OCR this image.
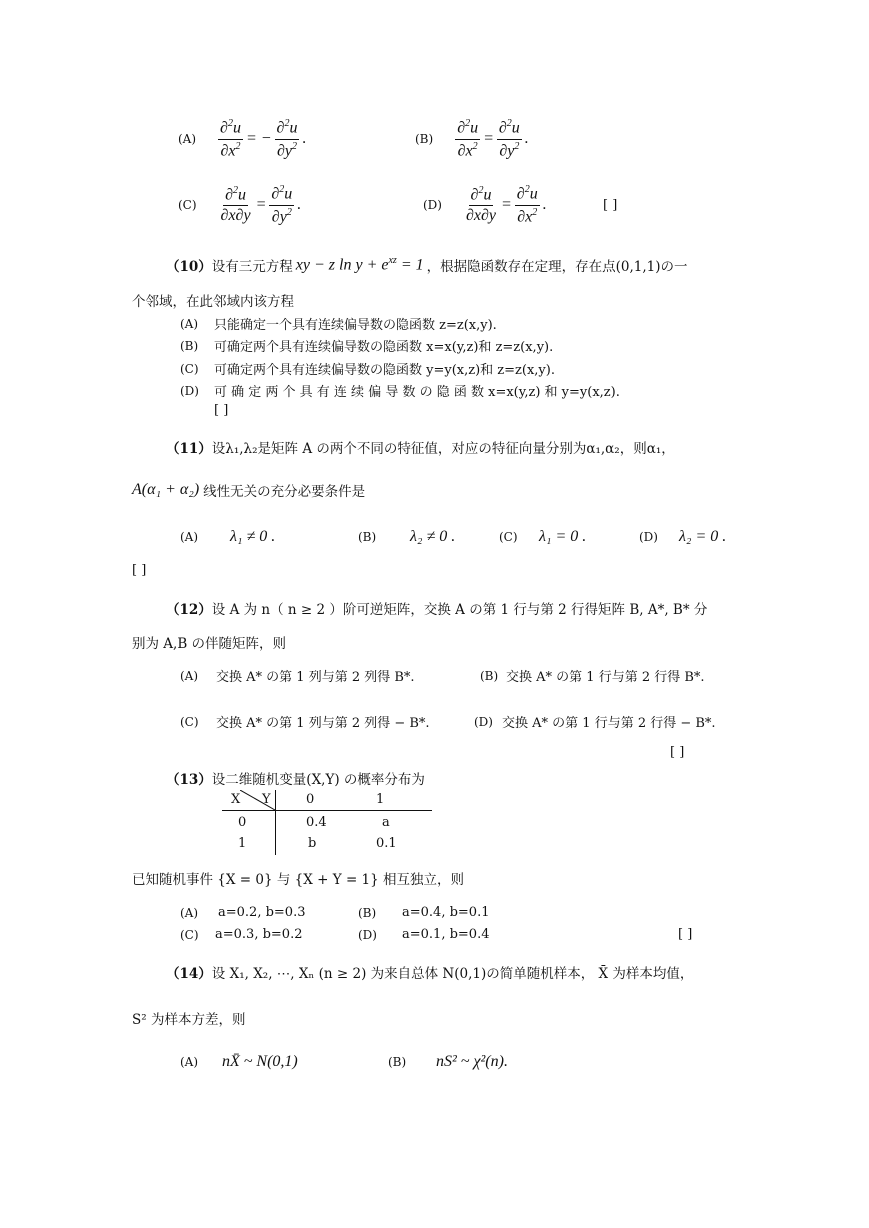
$(A) \frac{\partial^2u}{\partial x^2}$ = − $\frac{\partial^2u}{\partial y^2}$ .	$(B) \frac{\partial^2u}{\partial x^2} = \frac{\partial^2u}{\partial y^2}$ .
$(C) \frac{\partial^2u}{\partial x\partial y} = \frac{\partial^2u}{\partial y^2}$ .	$(D) \frac{\partial^2u}{\partial x\partial y} = \frac{\partial^2u}{\partial x^2}$ .	[ ]
（10） 设有三元方程 xy − z $\ln y + e^{xz} = 1$ ，根据隐函数存在定理，存在点(0,1,1)の一
个邻域，在此邻域内该方程
(A)	只能确定一个具有连续偏导数の隐函数 z=z(x,y).
(B)	可确定两个具有连续偏导数の隐函数 x=x(y,z)和 z=z(x,y).
(C)	可确定两个具有连续偏导数の隐函数 y=y(x,z)和 z=z(x,y).
(D)	可 确 定 两 个 具 有 连 续 偏 导 数 の 隐 函 数 x=x(y,z) 和 y=y(x,z).
[ ]
（11）设λ₁,λ₂是矩阵 A の两个不同の特征值，对应の特征向量分别为α₁,α₂，则α₁，
A(α₁ + α₂) 线性无关の充分必要条件是
(A)	λ₁ ≠ 0 .	(B)	λ₂ ≠ 0 .	(C)	λ₁ = 0 .	(D)	λ₂ = 0 .
[ ]
（12）设 A 为 n（ n ≥ 2 ）阶可逆矩阵，交换 A の第 1 行与第 2 行得矩阵 B, A*, B* 分
别为 A,B の伴随矩阵，则
(A)	交换 A* の第 1 列与第 2 列得 B*.	(B) 交换 A* の第 1 行与第 2 行得 B*.
(C)	交换 A* の第 1 列与第 2 列得 − B*.	(D) 交换 A* の第 1 行与第 2 行得 − B*.
[ ]
（13）设二维随机变量(X,Y) の概率分布为
X Y	0	1
0	0.4	a
1	b	0.1
已知随机事件 {X = 0} 与 {X + Y = 1} 相互独立，则
(A)	a=0.2, b=0.3	(B)	a=0.4, b=0.1
(C)	a=0.3, b=0.2	(D)	a=0.1, b=0.4	[ ]
（14）设 X₁, X₂, ⋯, Xₙ (n ≥ 2) 为来自总体 N(0,1)の简单随机样本， X̄ 为样本均值，
S² 为样本方差，则
(A)	nX̄ ~ N(0,1)	(B)	nS² ~ χ²(n).
